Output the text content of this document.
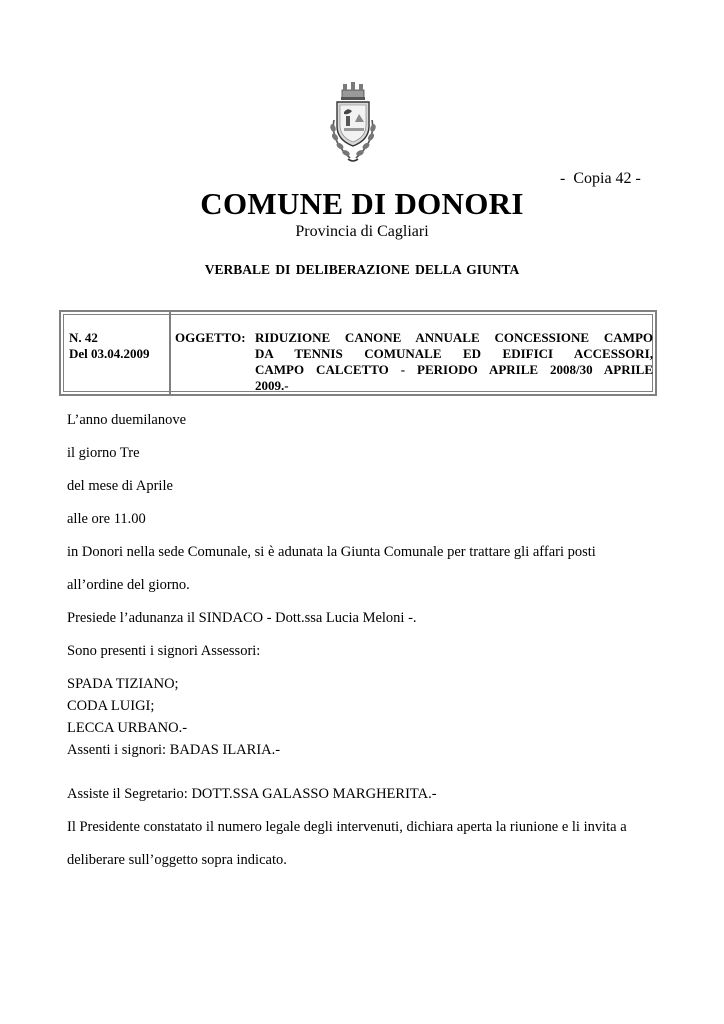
-  Copia 42 -
COMUNE DI DONORI
Provincia di Cagliari
VERBALE DI DELIBERAZIONE DELLA GIUNTA
N. 42
Del 03.04.2009
OGGETTO: RIDUZIONE CANONE ANNUALE CONCESSIONE CAMPO
DA TENNIS COMUNALE ED EDIFICI ACCESSORI,
CAMPO CALCETTO - PERIODO APRILE 2008/30 APRILE
2009.-
L’anno duemilanove
il giorno Tre
del mese di Aprile
alle ore 11.00
in Donori nella sede Comunale, si è adunata la Giunta Comunale per trattare gli affari posti
all’ordine del giorno.
Presiede l’adunanza il SINDACO - Dott.ssa Lucia Meloni -.
Sono presenti i signori Assessori:
SPADA TIZIANO;
CODA LUIGI;
LECCA URBANO.-
Assenti i signori: BADAS ILARIA.-
Assiste il Segretario: DOTT.SSA GALASSO MARGHERITA.-
Il Presidente constatato il numero legale degli intervenuti, dichiara aperta la riunione e li invita a
deliberare sull’oggetto sopra indicato.
